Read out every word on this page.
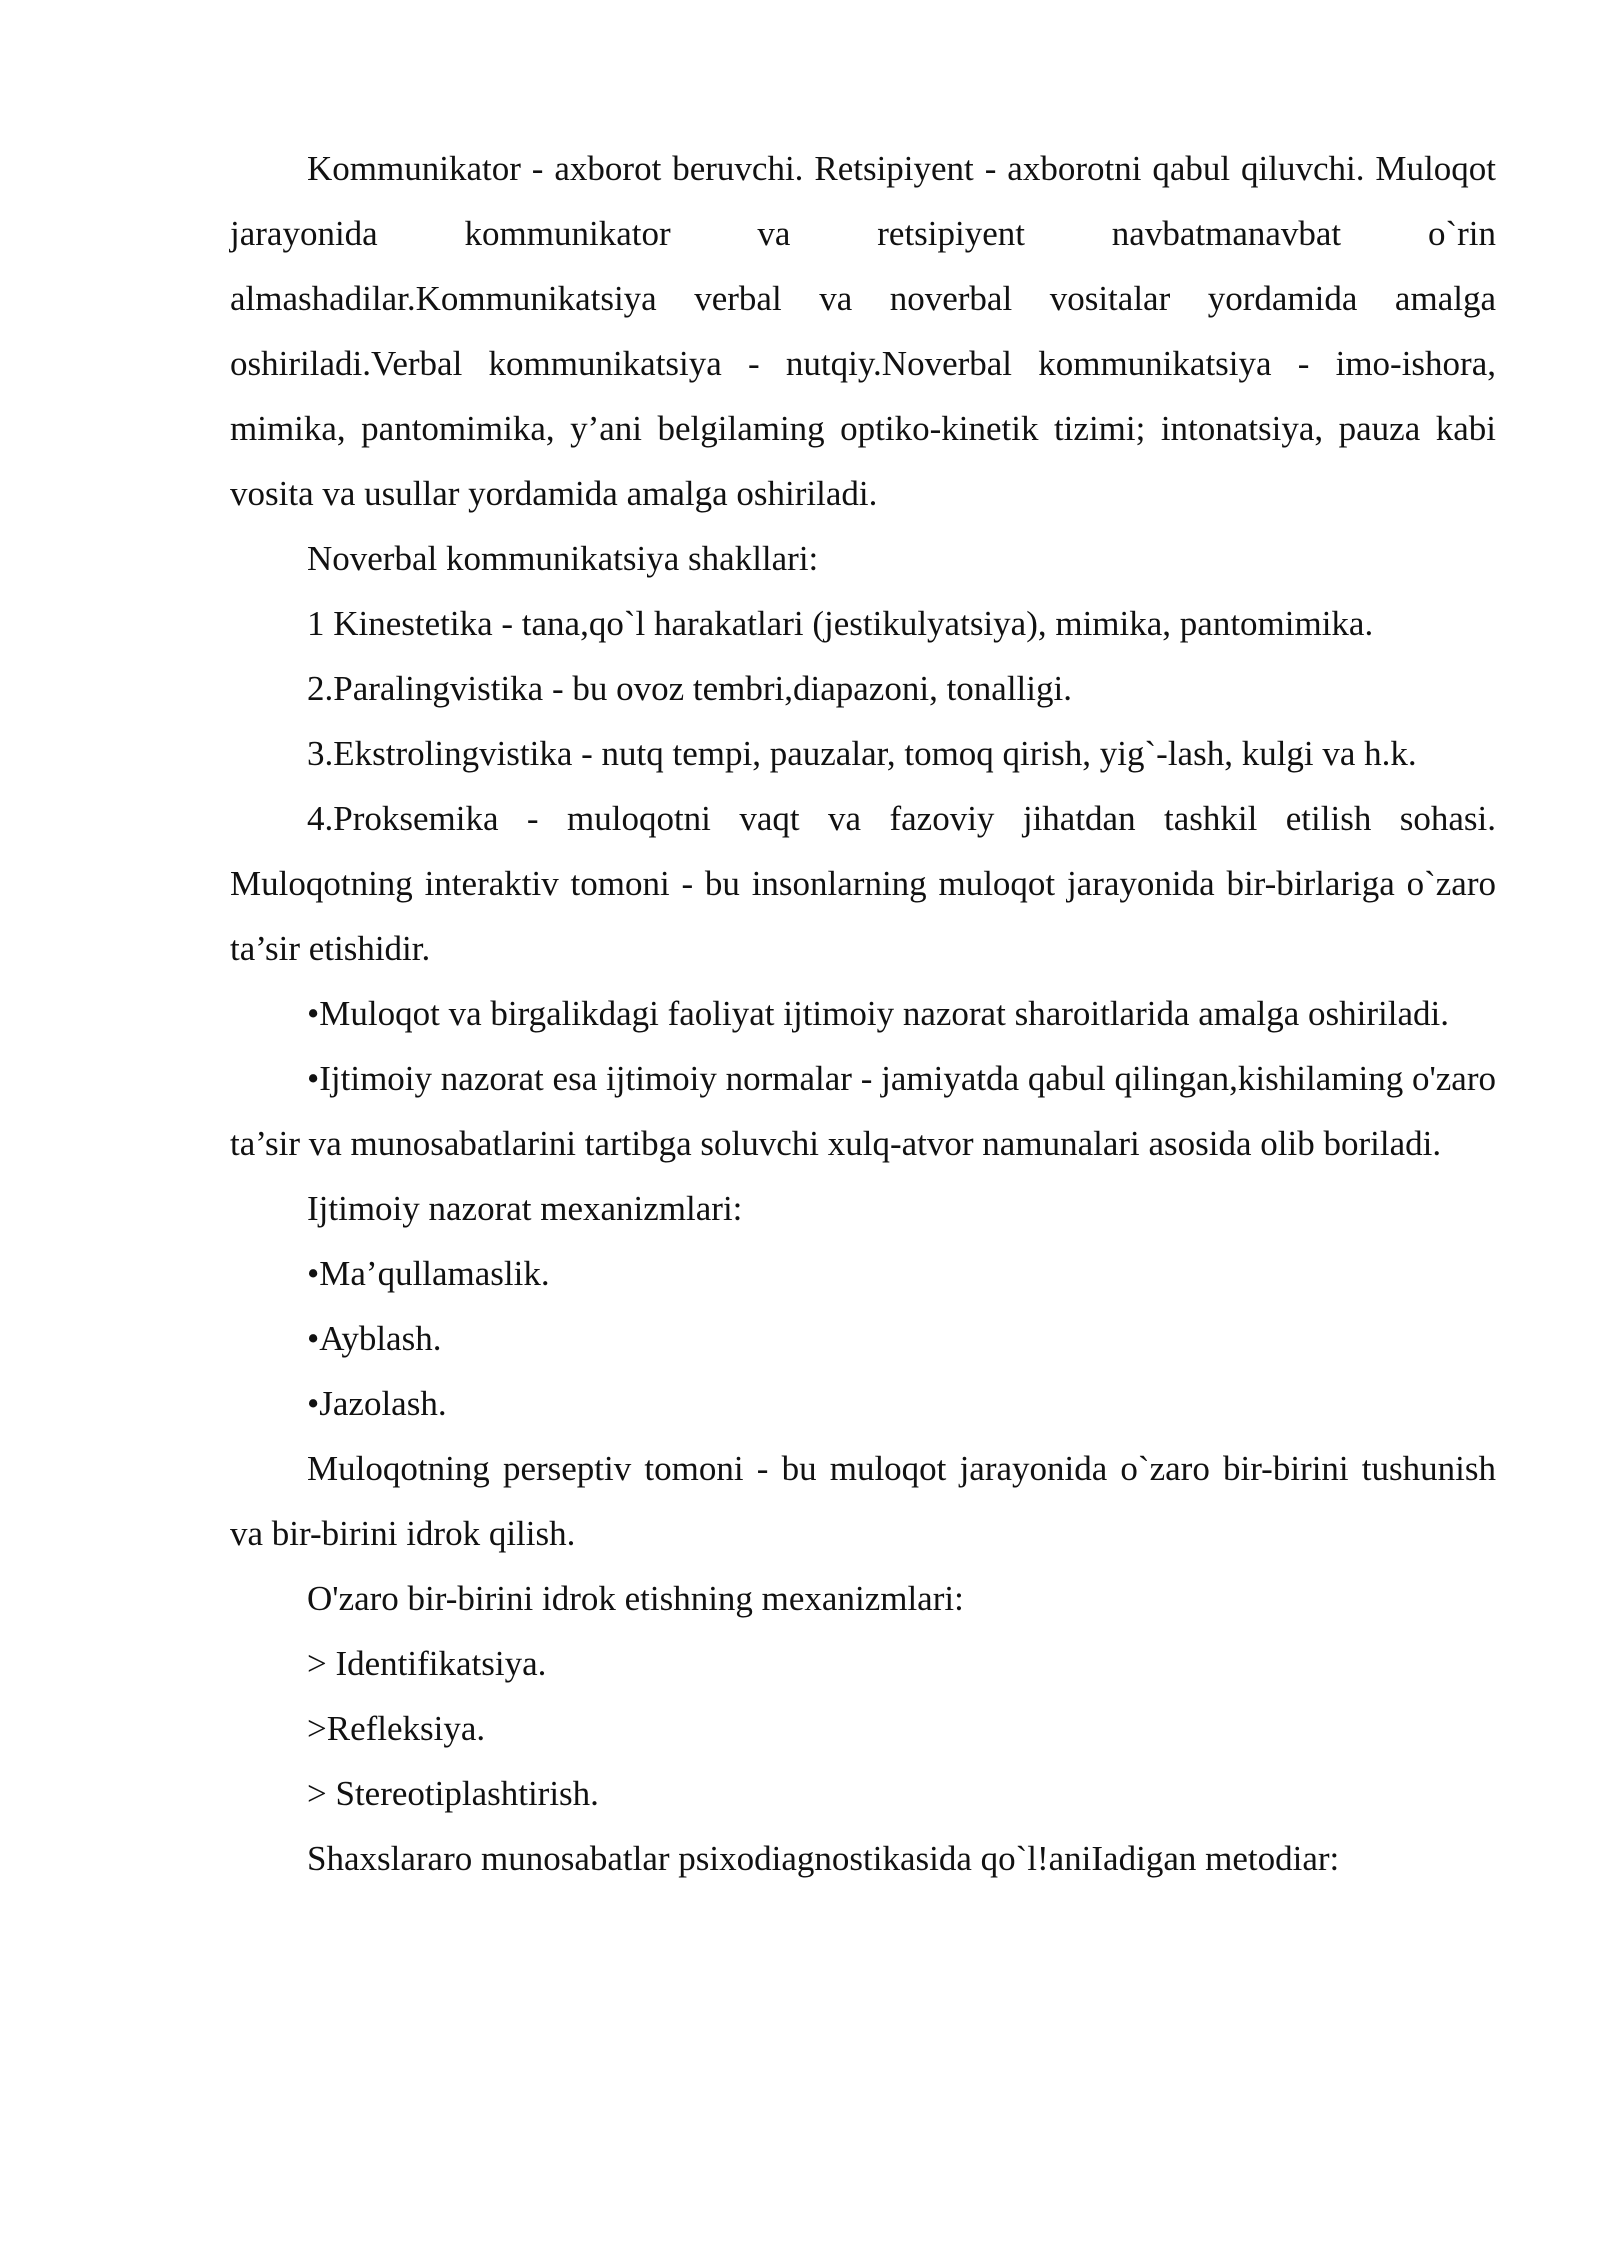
Kommunikator - axborot beruvchi. Retsipiyent - axborotni qabul qiluvchi. Muloqot jarayonida kommunikator va retsipiyent navbatmanavbat o`rin almashadilar.Kommunikatsiya verbal va noverbal vositalar yordamida amalga oshiriladi.Verbal kommunikatsiya - nutqiy.Noverbal kommunikatsiya - imo-ishora, mimika, pantomimika, y’ani belgilaming optiko-kinetik tizimi; intonatsiya, pauza kabi vosita va usullar yordamida amalga oshiriladi.

Noverbal kommunikatsiya shakllari:

1 Kinestetika - tana,qo`l harakatlari (jestikulyatsiya), mimika, pantomimika.

2.Paralingvistika - bu ovoz tembri,diapazoni, tonalligi.

3.Ekstrolingvistika - nutq tempi, pauzalar, tomoq qirish, yig`-lash, kulgi va h.k.

4.Proksemika - muloqotni vaqt va fazoviy jihatdan tashkil etilish sohasi. Muloqotning interaktiv tomoni - bu insonlarning muloqot jarayonida bir-birlariga o`zaro ta’sir etishidir.

•Muloqot va birgalikdagi faoliyat ijtimoiy nazorat sharoitlarida amalga oshiriladi.

•Ijtimoiy nazorat esa ijtimoiy normalar - jamiyatda qabul qilingan,kishilaming o'zaro ta’sir va munosabatlarini tartibga soluvchi xulq-atvor namunalari asosida olib boriladi.

Ijtimoiy nazorat mexanizmlari:

•Ma’qullamaslik.

•Ayblash.

•Jazolash.

Muloqotning perseptiv tomoni - bu muloqot jarayonida o`zaro bir-birini tushunish va bir-birini idrok qilish.

O'zaro bir-birini idrok etishning mexanizmlari:

> Identifikatsiya.

>Refleksiya.

> Stereotiplashtirish.

Shaxslararo munosabatlar psixodiagnostikasida qo`l!aniIadigan metodiar:
